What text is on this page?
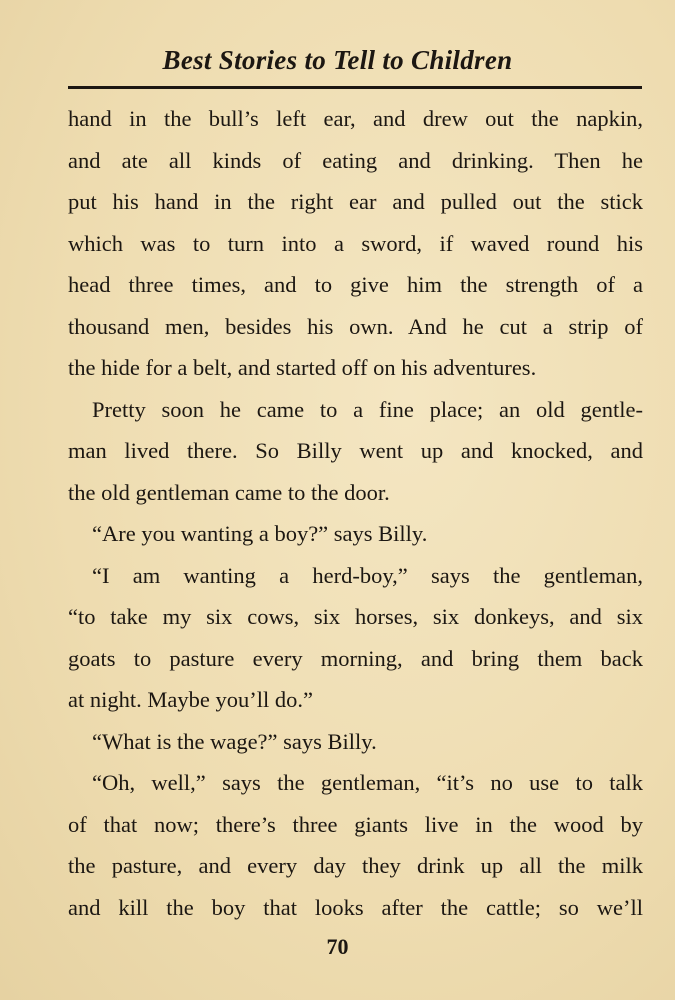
Best Stories to Tell to Children
hand in the bull’s left ear, and drew out the napkin,
and ate all kinds of eating and drinking. Then he
put his hand in the right ear and pulled out the stick
which was to turn into a sword, if waved round his
head three times, and to give him the strength of a
thousand men, besides his own. And he cut a strip of
the hide for a belt, and started off on his adventures.
Pretty soon he came to a fine place; an old gentle-
man lived there. So Billy went up and knocked, and
the old gentleman came to the door.
“Are you wanting a boy?” says Billy.
“I am wanting a herd-boy,” says the gentleman,
“to take my six cows, six horses, six donkeys, and six
goats to pasture every morning, and bring them back
at night. Maybe you’ll do.”
“What is the wage?” says Billy.
“Oh, well,” says the gentleman, “it’s no use to talk
of that now; there’s three giants live in the wood by
the pasture, and every day they drink up all the milk
and kill the boy that looks after the cattle; so we’ll
70
